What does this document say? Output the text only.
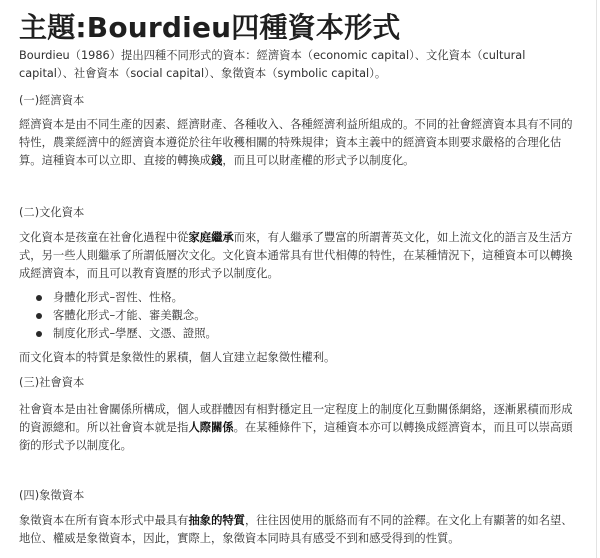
主題:Bourdieu四種資本形式

Bourdieu（1986）提出四種不同形式的資本：經濟資本（economic capital）、文化資本（cultural capital）、社會資本（social capital）、象徵資本（symbolic capital）。

(一)經濟資本

經濟資本是由不同生產的因素、經濟財產、各種收入、各種經濟利益所組成的。不同的社會經濟資本具有不同的特性，農業經濟中的經濟資本遵從於往年收穫相關的特殊規律；資本主義中的經濟資本則要求嚴格的合理化估算。這種資本可以立即、直接的轉換成錢，而且可以財產權的形式予以制度化。

(二)文化資本

文化資本是孩童在社會化過程中從家庭繼承而來，有人繼承了豐富的所謂菁英文化，如上流文化的語言及生活方式，另一些人則繼承了所謂低層次文化。文化資本通常具有世代相傳的特性，在某種情況下，這種資本可以轉換成經濟資本，而且可以教育資歷的形式予以制度化。

身體化形式–習性、性格。
客體化形式–才能、審美觀念。
制度化形式–學歷、文憑、證照。

而文化資本的特質是象徵性的累積，個人宜建立起象徵性權利。

(三)社會資本

社會資本是由社會關係所構成，個人或群體因有相對穩定且一定程度上的制度化互動關係網絡，逐漸累積而形成的資源總和。所以社會資本就是指人際關係。在某種條件下，這種資本亦可以轉換成經濟資本，而且可以崇高頭銜的形式予以制度化。

(四)象徵資本

象徵資本在所有資本形式中最具有抽象的特質，往往因使用的脈絡而有不同的詮釋。在文化上有顯著的如名望、地位、權威是象徵資本，因此，實際上，象徵資本同時具有感受不到和感受得到的性質。
